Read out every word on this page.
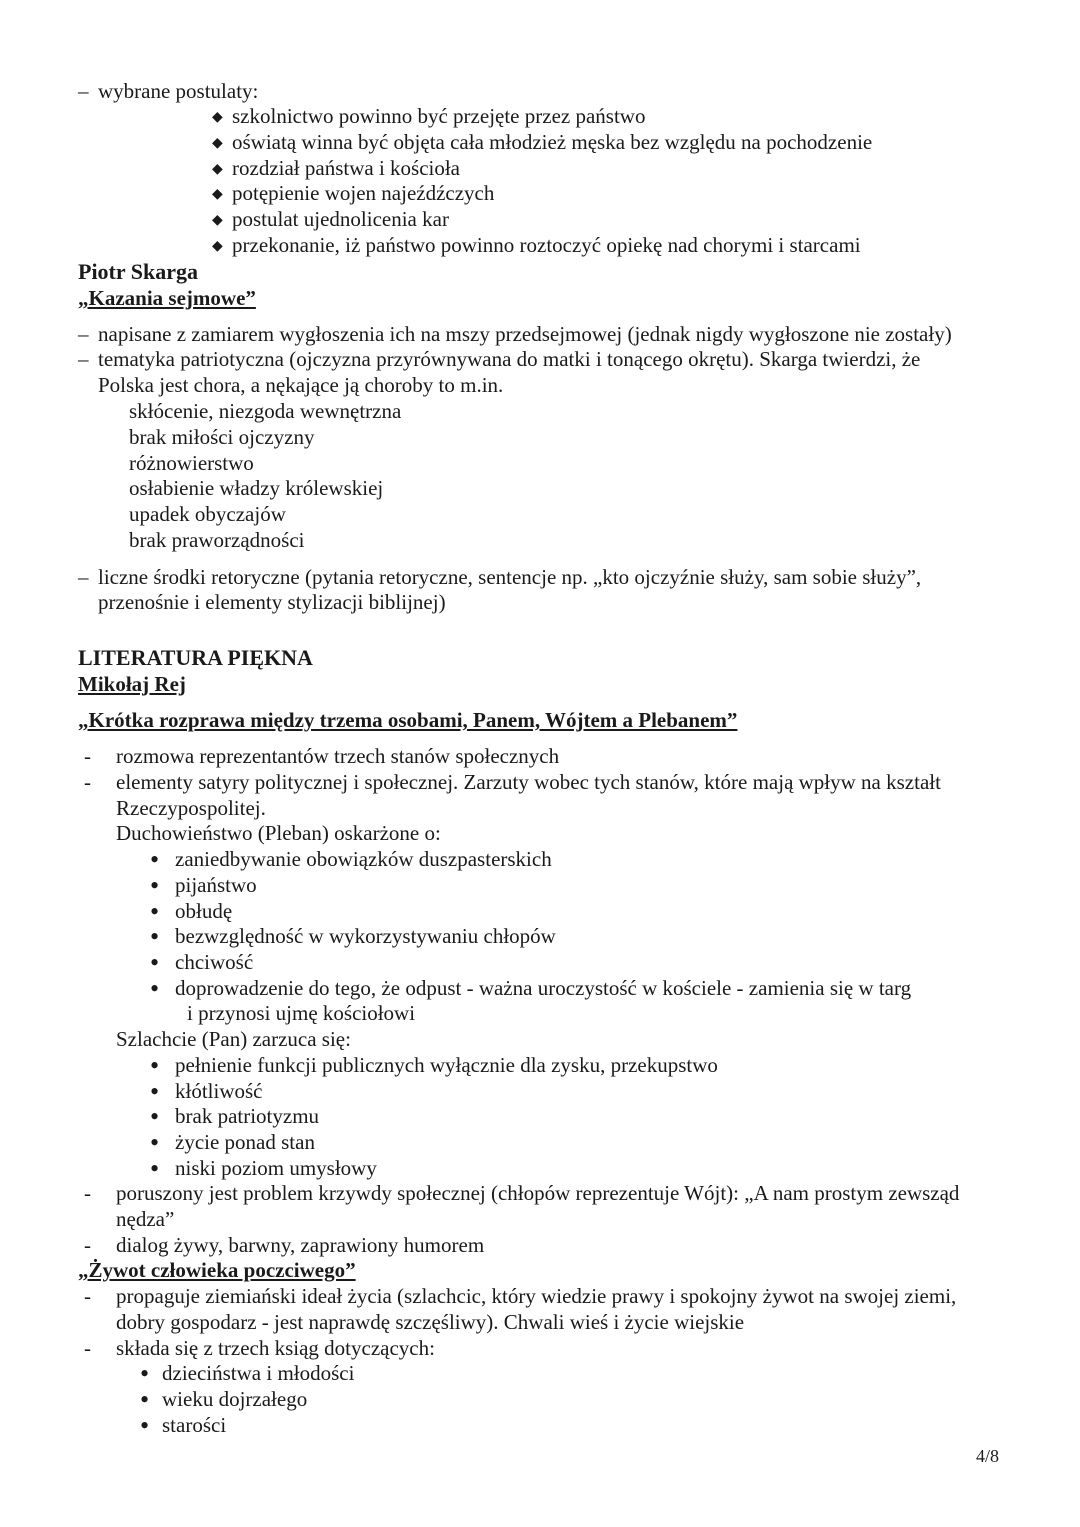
– wybrane postulaty:
◆ szkolnictwo powinno być przejęte przez państwo
◆ oświatą winna być objęta cała młodzież męska bez względu na pochodzenie
◆ rozdział państwa i kościoła
◆ potępienie wojen najeźdźczych
◆ postulat ujednolicenia kar
◆ przekonanie, iż państwo powinno roztoczyć opiekę nad chorymi i starcami
Piotr Skarga
„Kazania sejmowe”
– napisane z zamiarem wygłoszenia ich na mszy przedsejmowej (jednak nigdy wygłoszone nie zostały)
– tematyka patriotyczna (ojczyzna przyrównywana do matki i tonącego okrętu). Skarga twierdzi, że
Polska jest chora, a nękające ją choroby to m.in.
skłócenie, niezgoda wewnętrzna
brak miłości ojczyzny
różnowierstwo
osłabienie władzy królewskiej
upadek obyczajów
brak praworządności
– liczne środki retoryczne (pytania retoryczne, sentencje np. „kto ojczyźnie służy, sam sobie służy”,
przenośnie i elementy stylizacji biblijnej)
LITERATURA PIĘKNA
Mikołaj Rej
„Krótka rozprawa między trzema osobami, Panem, Wójtem a Plebanem”
- rozmowa reprezentantów trzech stanów społecznych
- elementy satyry politycznej i społecznej. Zarzuty wobec tych stanów, które mają wpływ na kształt
Rzeczypospolitej.
Duchowieństwo (Pleban) oskarżone o:
• zaniedbywanie obowiązków duszpasterskich
• pijaństwo
• obłudę
• bezwzględność w wykorzystywaniu chłopów
• chciwość
• doprowadzenie do tego, że odpust - ważna uroczystość w kościele - zamienia się w targ
i przynosi ujmę kościołowi
Szlachcie (Pan) zarzuca się:
• pełnienie funkcji publicznych wyłącznie dla zysku, przekupstwo
• kłótliwość
• brak patriotyzmu
• życie ponad stan
• niski poziom umysłowy
- poruszony jest problem krzywdy społecznej (chłopów reprezentuje Wójt): „A nam prostym zewsząd
nędza”
- dialog żywy, barwny, zaprawiony humorem
„Żywot człowieka poczciwego”
- propaguje ziemiański ideał życia (szlachcic, który wiedzie prawy i spokojny żywot na swojej ziemi,
dobry gospodarz - jest naprawdę szczęśliwy). Chwali wieś i życie wiejskie
- składa się z trzech ksiąg dotyczących:
• dzieciństwa i młodości
• wieku dojrzałego
• starości
4/8
